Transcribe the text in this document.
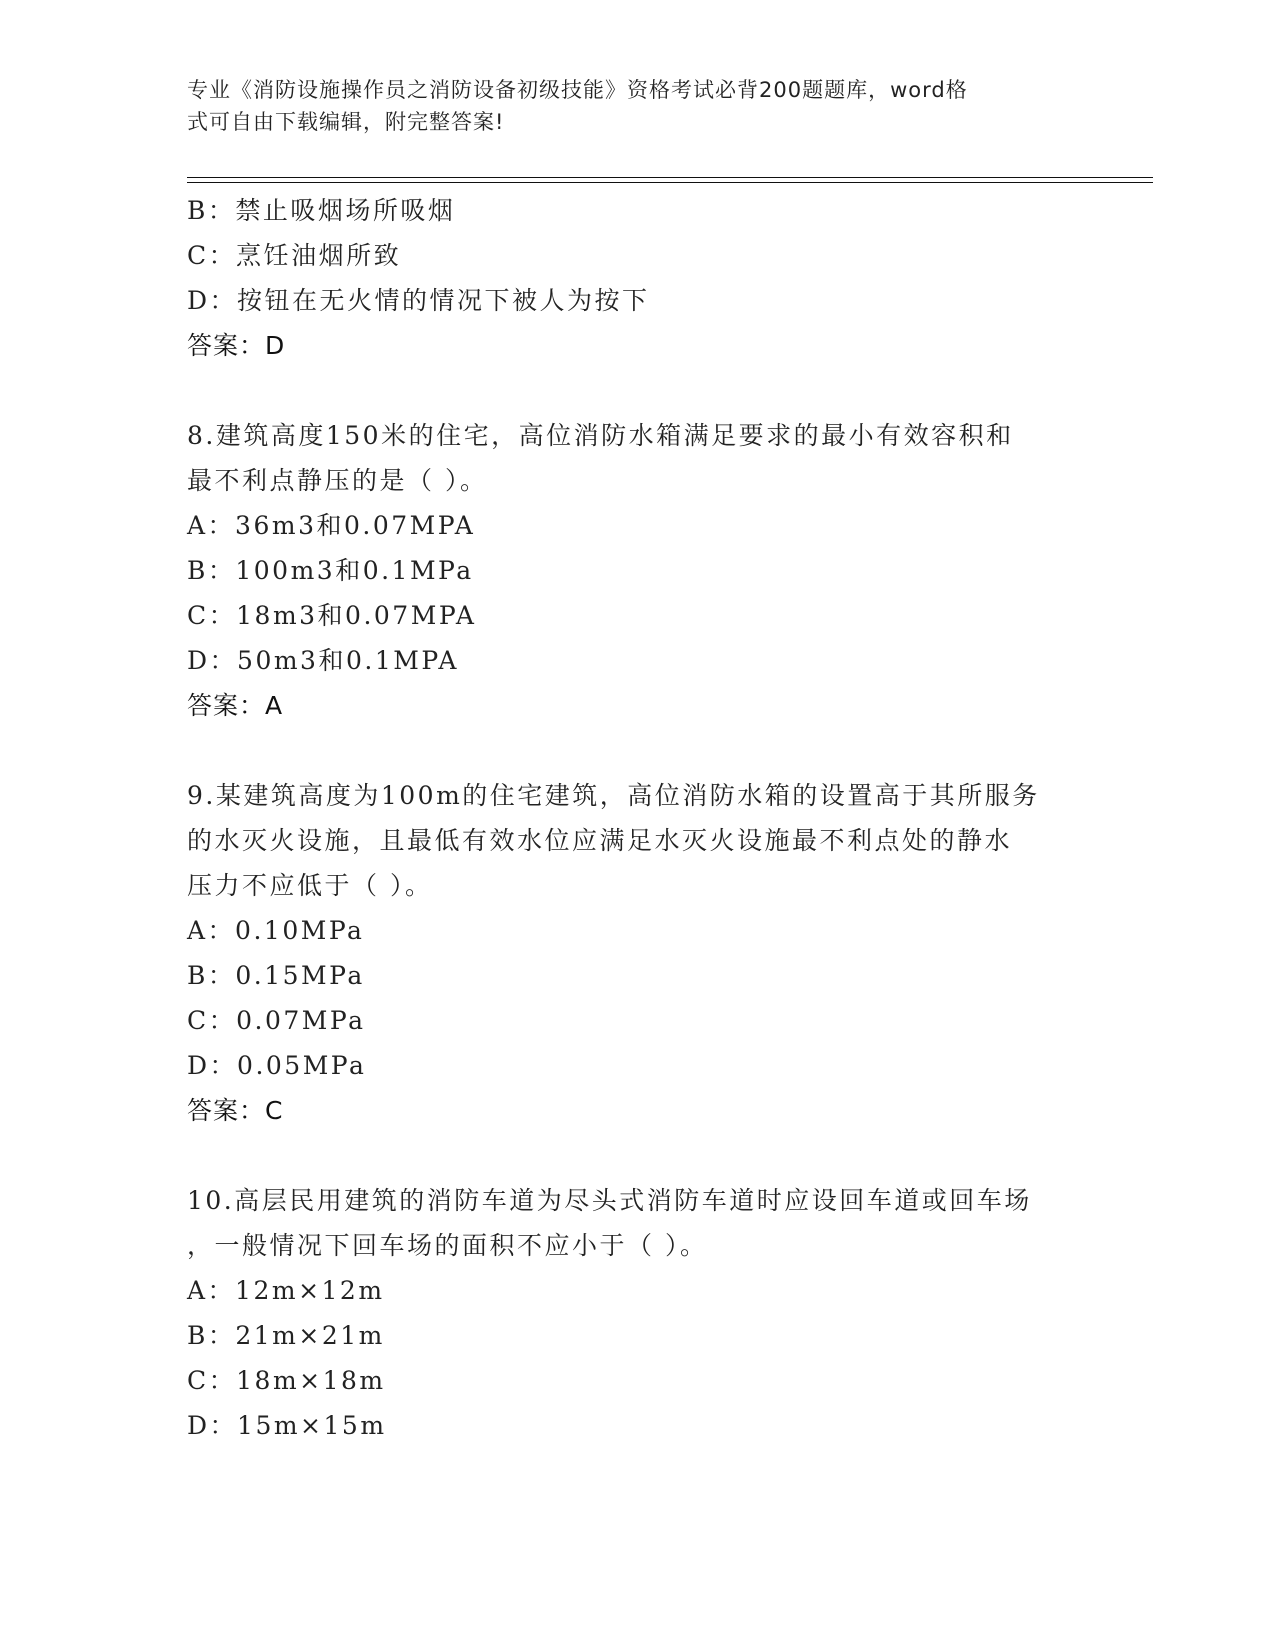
专业《消防设施操作员之消防设备初级技能》资格考试必背200题题库，word格
式可自由下载编辑，附完整答案!
B：禁止吸烟场所吸烟
C：烹饪油烟所致
D：按钮在无火情的情况下被人为按下
答案：D
8.建筑高度150米的住宅，高位消防水箱满足要求的最小有效容积和
最不利点静压的是（ ）。
A：36m3和0.07MPA
B：100m3和0.1MPa
C：18m3和0.07MPA
D：50m3和0.1MPA
答案：A
9.某建筑高度为100m的住宅建筑，高位消防水箱的设置高于其所服务
的水灭火设施，且最低有效水位应满足水灭火设施最不利点处的静水
压力不应低于（ ）。
A：0.10MPa
B：0.15MPa
C：0.07MPa
D：0.05MPa
答案：C
10.高层民用建筑的消防车道为尽头式消防车道时应设回车道或回车场
，一般情况下回车场的面积不应小于（ ）。
A：12m×12m
B：21m×21m
C：18m×18m
D：15m×15m
